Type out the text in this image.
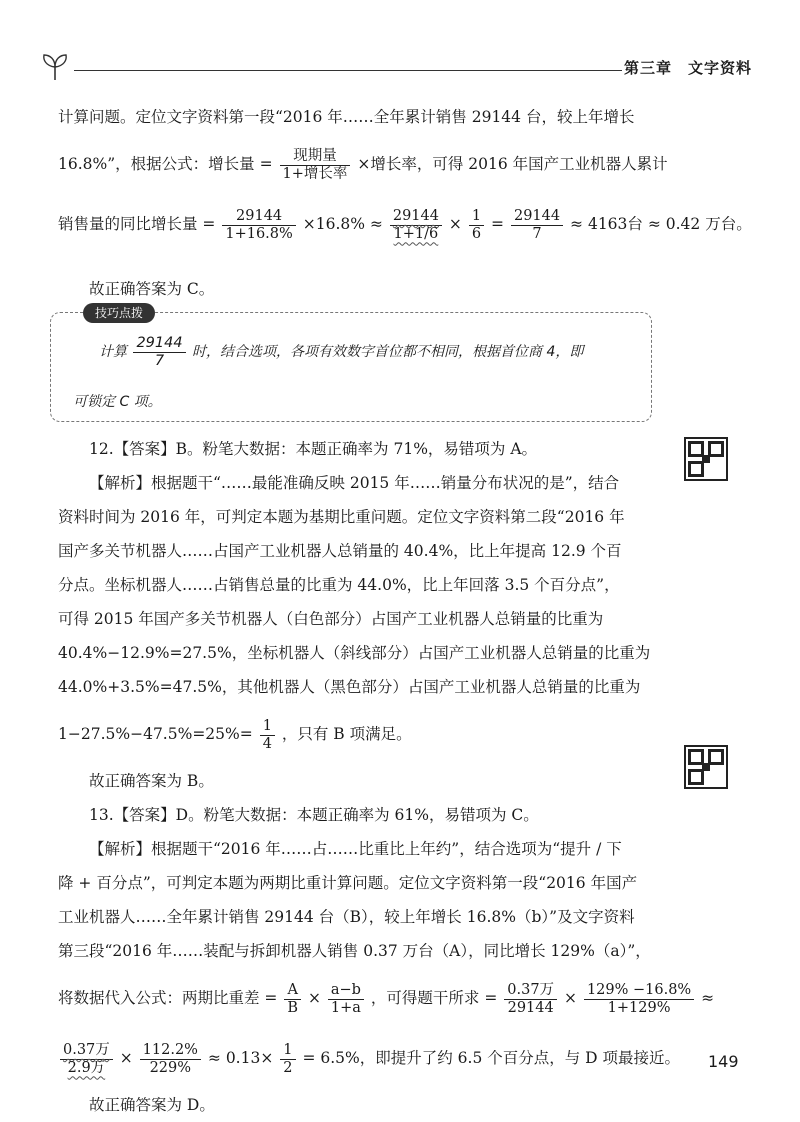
第三章　文字资料
计算问题。定位文字资料第一段“2016 年……全年累计销售 29144 台，较上年增长
16.8%”，根据公式：增长量 = $\frac{\text{现期量}}{\text{1+增长率}}$ ×增长率，可得 2016 年国产工业机器人累计
销售量的同比增长量 = $\frac{29144}{1+16.8\%} \times 16.8\% \approx \frac{29144}{1+1/6} \times \frac{1}{6} = \frac{29144}{7} \approx 4163$台 ≈ 0.42 万台。
故正确答案为 C。
技巧点拨
计算 $\frac{29144}{7}$ 时，结合选项，各项有效数字首位都不相同，根据首位商 4，即
可锁定 C 项。
12.【答案】B。粉笔大数据：本题正确率为 71%，易错项为 A。
【解析】根据题干“……最能准确反映 2015 年……销量分布状况的是”，结合
资料时间为 2016 年，可判定本题为基期比重问题。定位文字资料第二段“2016 年
国产多关节机器人……占国产工业机器人总销量的 40.4%，比上年提高 12.9 个百
分点。坐标机器人……占销售总量的比重为 44.0%，比上年回落 3.5 个百分点”，
可得 2015 年国产多关节机器人（白色部分）占国产工业机器人总销量的比重为
40.4%−12.9%=27.5%，坐标机器人（斜线部分）占国产工业机器人总销量的比重为
44.0%+3.5%=47.5%，其他机器人（黑色部分）占国产工业机器人总销量的比重为
$1-27.5\%-47.5\%=25\%= \frac{1}{4}$ ，只有 B 项满足。
故正确答案为 B。
13.【答案】D。粉笔大数据：本题正确率为 61%，易错项为 C。
【解析】根据题干“2016 年……占……比重比上年约”，结合选项为“提升 / 下
降 + 百分点”，可判定本题为两期比重计算问题。定位文字资料第一段“2016 年国产
工业机器人……全年累计销售 29144 台（B），较上年增长 16.8%（b）”及文字资料
第三段“2016 年……装配与拆卸机器人销售 0.37 万台（A），同比增长 129%（a）”，
将数据代入公式：两期比重差 = $\frac{A}{B} \times \frac{a-b}{1+a}$ ，可得题干所求 = $\frac{\text{0.37万}}{29144} \times \frac{129\% -16.8\%}{1+129\%}$ ≈
$\frac{\text{0.37万}}{\text{2.9万}} \times \frac{112.2\%}{229\%} \approx 0.13\times \frac{1}{2} = 6.5\%$，即提升了约 6.5 个百分点，与 D 项最接近。
故正确答案为 D。
149
